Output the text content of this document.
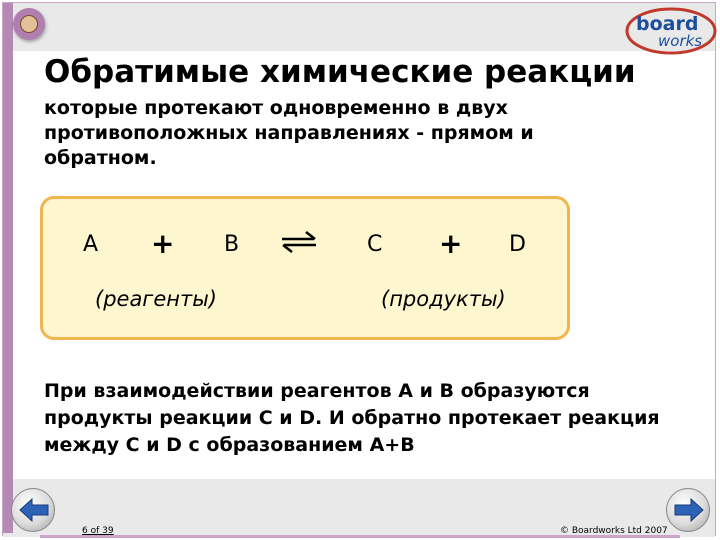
board
works
Обратимые химические реакции
которые протекают одновременно в двух противоположных направлениях - прямом и обратном.
A + B	C + D
(реагенты)	(продукты)
При взаимодействии реагентов А и В образуются продукты реакции С и D. И обратно протекает реакция между С и D с образованием А+В
6 of 39	© Boardworks Ltd 2007
